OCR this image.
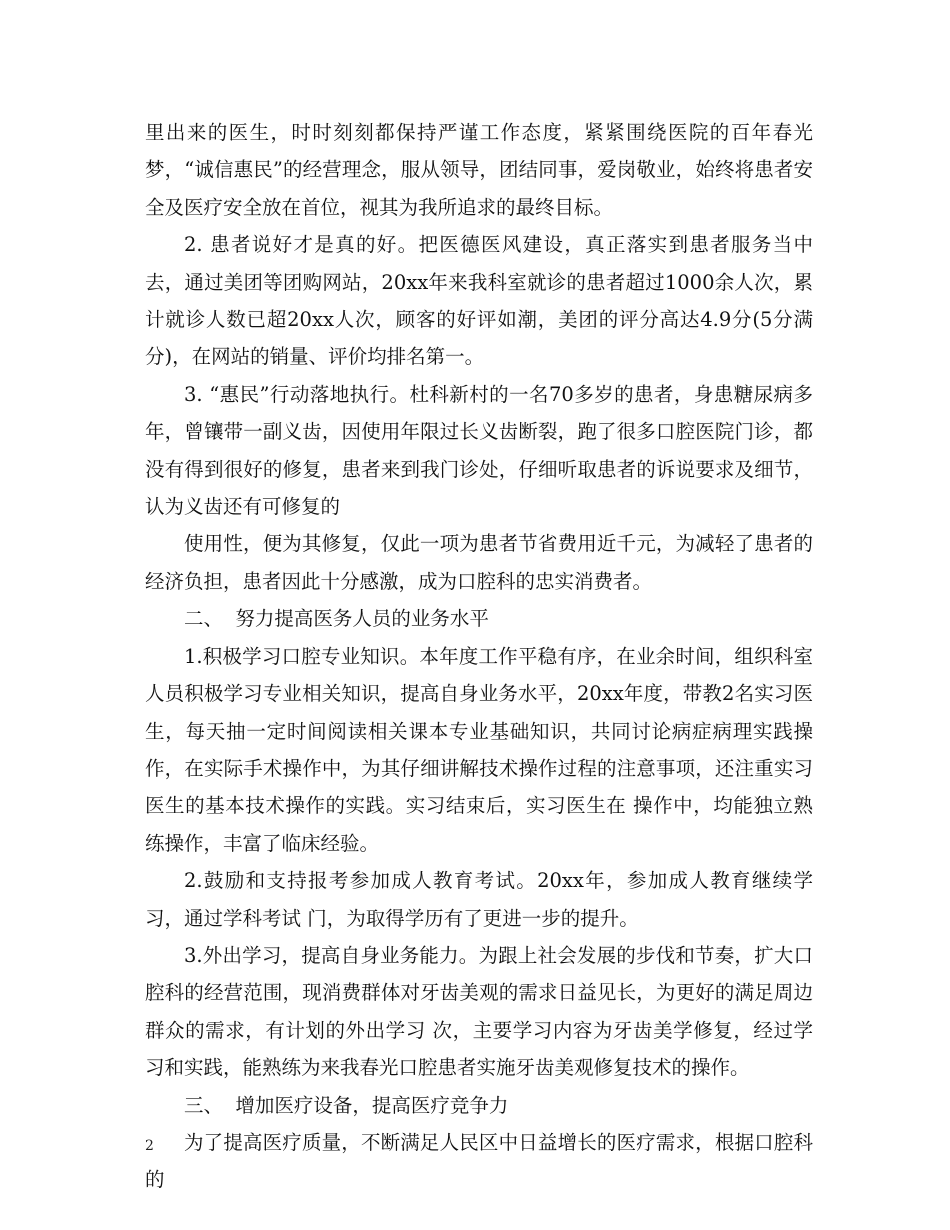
里出来的医生，时时刻刻都保持严谨工作态度，紧紧围绕医院的百年春光梦，“诚信惠民”的经营理念，服从领导，团结同事，爱岗敬业，始终将患者安全及医疗安全放在首位，视其为我所追求的最终目标。

2. 患者说好才是真的好。把医德医风建设，真正落实到患者服务当中去，通过美团等团购网站，20xx年来我科室就诊的患者超过1000余人次，累计就诊人数已超20xx人次，顾客的好评如潮，美团的评分高达4.9分(5分满分)，在网站的销量、评价均排名第一。

3. “惠民”行动落地执行。杜科新村的一名70多岁的患者，身患糖尿病多年，曾镶带一副义齿，因使用年限过长义齿断裂，跑了很多口腔医院门诊，都没有得到很好的修复，患者来到我门诊处，仔细听取患者的诉说要求及细节，认为义齿还有可修复的

使用性，便为其修复，仅此一项为患者节省费用近千元，为减轻了患者的经济负担，患者因此十分感激，成为口腔科的忠实消费者。

二、  努力提高医务人员的业务水平

1.积极学习口腔专业知识。本年度工作平稳有序，在业余时间，组织科室人员积极学习专业相关知识，提高自身业务水平，20xx年度，带教2名实习医生，每天抽一定时间阅读相关课本专业基础知识，共同讨论病症病理实践操作，在实际手术操作中，为其仔细讲解技术操作过程的注意事项，还注重实习医生的基本技术操作的实践。实习结束后，实习医生在 操作中，均能独立熟练操作，丰富了临床经验。

2.鼓励和支持报考参加成人教育考试。20xx年，参加成人教育继续学习，通过学科考试 门，为取得学历有了更进一步的提升。

3.外出学习，提高自身业务能力。为跟上社会发展的步伐和节奏，扩大口腔科的经营范围，现消费群体对牙齿美观的需求日益见长，为更好的满足周边群众的需求，有计划的外出学习 次，主要学习内容为牙齿美学修复，经过学习和实践，能熟练为来我春光口腔患者实施牙齿美观修复技术的操作。

三、  增加医疗设备，提高医疗竞争力

为了提高医疗质量，不断满足人民区中日益增长的医疗需求，根据口腔科的

2
